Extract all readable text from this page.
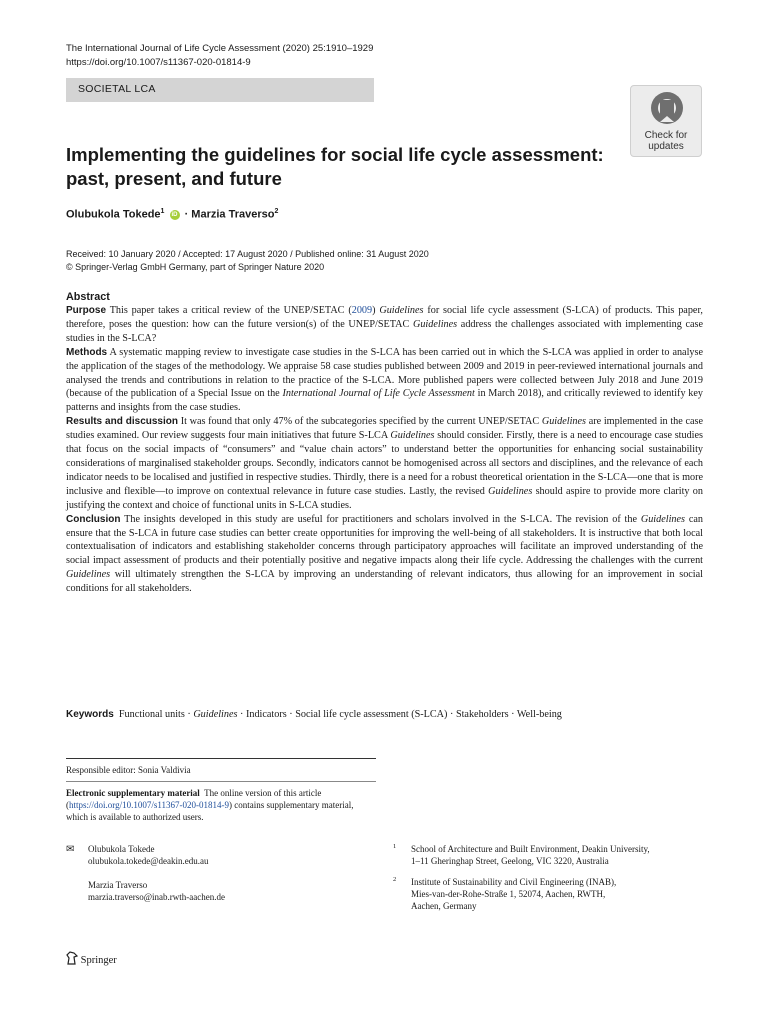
The International Journal of Life Cycle Assessment (2020) 25:1910–1929
https://doi.org/10.1007/s11367-020-01814-9
SOCIETAL LCA
Check for
updates
Implementing the guidelines for social life cycle assessment:
past, present, and future
Olubukola Tokede$^1$ iD · Marzia Traverso$^2$
Received: 10 January 2020 / Accepted: 17 August 2020 / Published online: 31 August 2020
© Springer-Verlag GmbH Germany, part of Springer Nature 2020
Abstract

Purpose This paper takes a critical review of the UNEP/SETAC (2009) Guidelines for social life cycle assessment (S-LCA) of products. This paper, therefore, poses the question: how can the future version(s) of the UNEP/SETAC Guidelines address the challenges associated with implementing case studies in the S-LCA?

Methods A systematic mapping review to investigate case studies in the S-LCA has been carried out in which the S-LCA was applied in order to analyse the application of the stages of the methodology. We appraise 58 case studies published between 2009 and 2019 in peer-reviewed international journals and analysed the trends and contributions in relation to the practice of the S-LCA. More published papers were collected between July 2018 and June 2019 (because of the publication of a Special Issue on the International Journal of Life Cycle Assessment in March 2018), and critically reviewed to identify key patterns and insights from the case studies.

Results and discussion It was found that only 47% of the subcategories specified by the current UNEP/SETAC Guidelines are implemented in the case studies examined. Our review suggests four main initiatives that future S-LCA Guidelines should consider. Firstly, there is a need to encourage case studies that focus on the social impacts of “consumers” and “value chain actors” to understand better the opportunities for enhancing social sustainability considerations of marginalised stakeholder groups. Secondly, indicators cannot be homogenised across all sectors and disciplines, and the relevance of each indicator needs to be localised and justified in respective studies. Thirdly, there is a need for a robust theoretical orientation in the S-LCA—one that is more inclusive and flexible—to improve on contextual relevance in future case studies. Lastly, the revised Guidelines should aspire to provide more clarity on justifying the context and choice of functional units in S-LCA studies.

Conclusion The insights developed in this study are useful for practitioners and scholars involved in the S-LCA. The revision of the Guidelines can ensure that the S-LCA in future case studies can better create opportunities for improving the well-being of all stakeholders. It is instructive that both local contextualisation of indicators and establishing stakeholder concerns through participatory approaches will facilitate an improved understanding of the social impact assessment of products and their potentially positive and negative impacts along their life cycle. Addressing the challenges with the current Guidelines will ultimately strengthen the S-LCA by improving an understanding of relevant indicators, thus allowing for an improvement in social conditions for all stakeholders.

Keywords Functional units · Guidelines · Indicators · Social life cycle assessment (S-LCA) · Stakeholders · Well-being
Responsible editor: Sonia Valdivia
Electronic supplementary material The online version of this article (https://doi.org/10.1007/s11367-020-01814-9) contains supplementary material, which is available to authorized users.
✉ Olubukola Tokede
olubukola.tokede@deakin.edu.au
Marzia Traverso
marzia.traverso@inab.rwth-aachen.de
1 School of Architecture and Built Environment, Deakin University,
1–11 Gheringhap Street, Geelong, VIC 3220, Australia
2 Institute of Sustainability and Civil Engineering (INAB),
Mies-van-der-Rohe-Straße 1, 52074, Aachen, RWTH,
Aachen, Germany
Springer
